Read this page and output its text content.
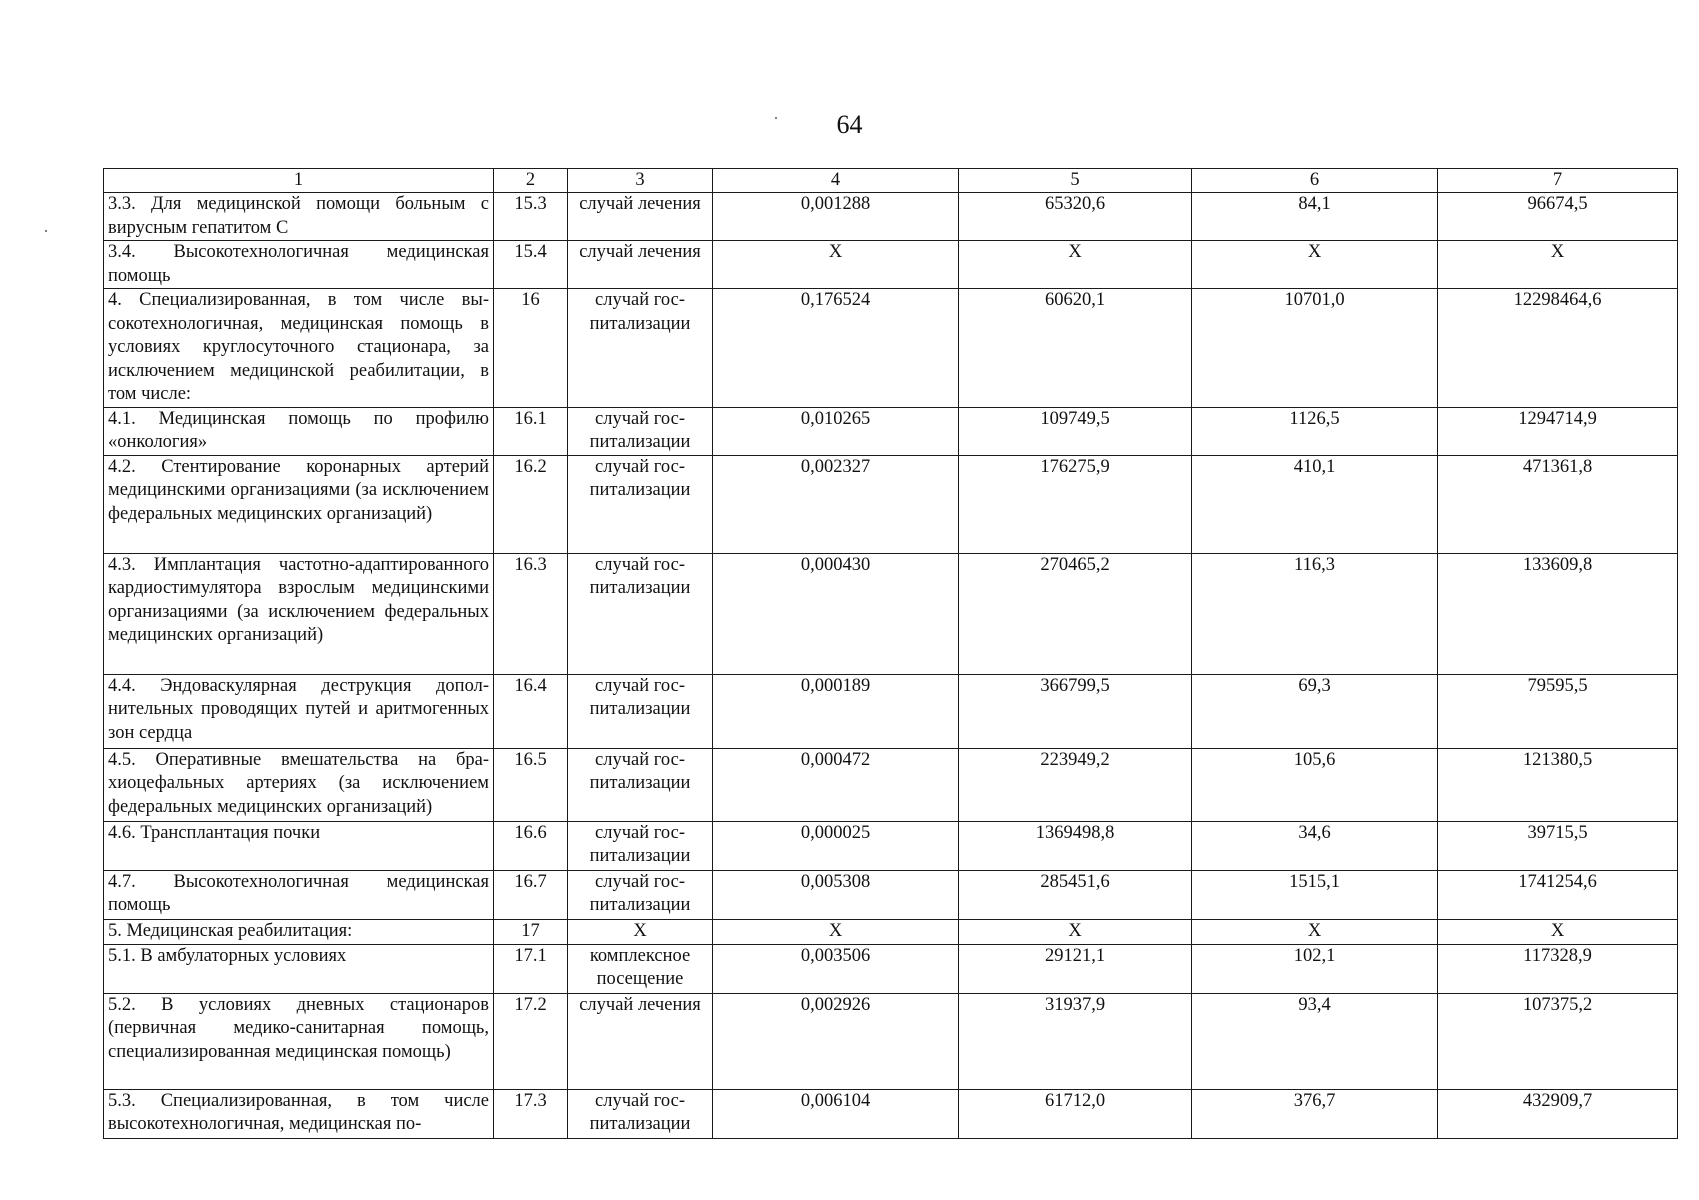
64
1	2	3	4	5	6	7
3.3. Для медицинской помощи больным с вирусным гепатитом С	15.3	случай лечения	0,001288	65320,6	84,1	96674,5
3.4. Высокотехнологичная медицинская помощь	15.4	случай лечения	X	X	X	X
4. Специализированная, в том числе высокотехнологичная, медицинская помощь в условиях круглосуточного стационара, за исключением медицинской реабилитации, в том числе:	16	случай госпитализации	0,176524	60620,1	10701,0	12298464,6
4.1. Медицинская помощь по профилю «онкология»	16.1	случай госпитализации	0,010265	109749,5	1126,5	1294714,9
4.2. Стентирование коронарных артерий медицинскими организациями (за исключением федеральных медицинских организаций)	16.2	случай госпитализации	0,002327	176275,9	410,1	471361,8
4.3. Имплантация частотно-адаптированного кардиостимулятора взрослым медицинскими организациями (за исключением федеральных медицинских организаций)	16.3	случай госпитализации	0,000430	270465,2	116,3	133609,8
4.4. Эндоваскулярная деструкция дополнительных проводящих путей и аритмогенных зон сердца	16.4	случай госпитализации	0,000189	366799,5	69,3	79595,5
4.5. Оперативные вмешательства на брахиоцефальных артериях (за исключением федеральных медицинских организаций)	16.5	случай госпитализации	0,000472	223949,2	105,6	121380,5
4.6. Трансплантация почки	16.6	случай госпитализации	0,000025	1369498,8	34,6	39715,5
4.7. Высокотехнологичная медицинская помощь	16.7	случай госпитализации	0,005308	285451,6	1515,1	1741254,6
5. Медицинская реабилитация:	17	X	X	X	X	X
5.1. В амбулаторных условиях	17.1	комплексное посещение	0,003506	29121,1	102,1	117328,9
5.2. В условиях дневных стационаров (первичная медико-санитарная помощь, специализированная медицинская помощь)	17.2	случай лечения	0,002926	31937,9	93,4	107375,2
5.3. Специализированная, в том числе высокотехнологичная, медицинская по-	17.3	случай госпитализации	0,006104	61712,0	376,7	432909,7
